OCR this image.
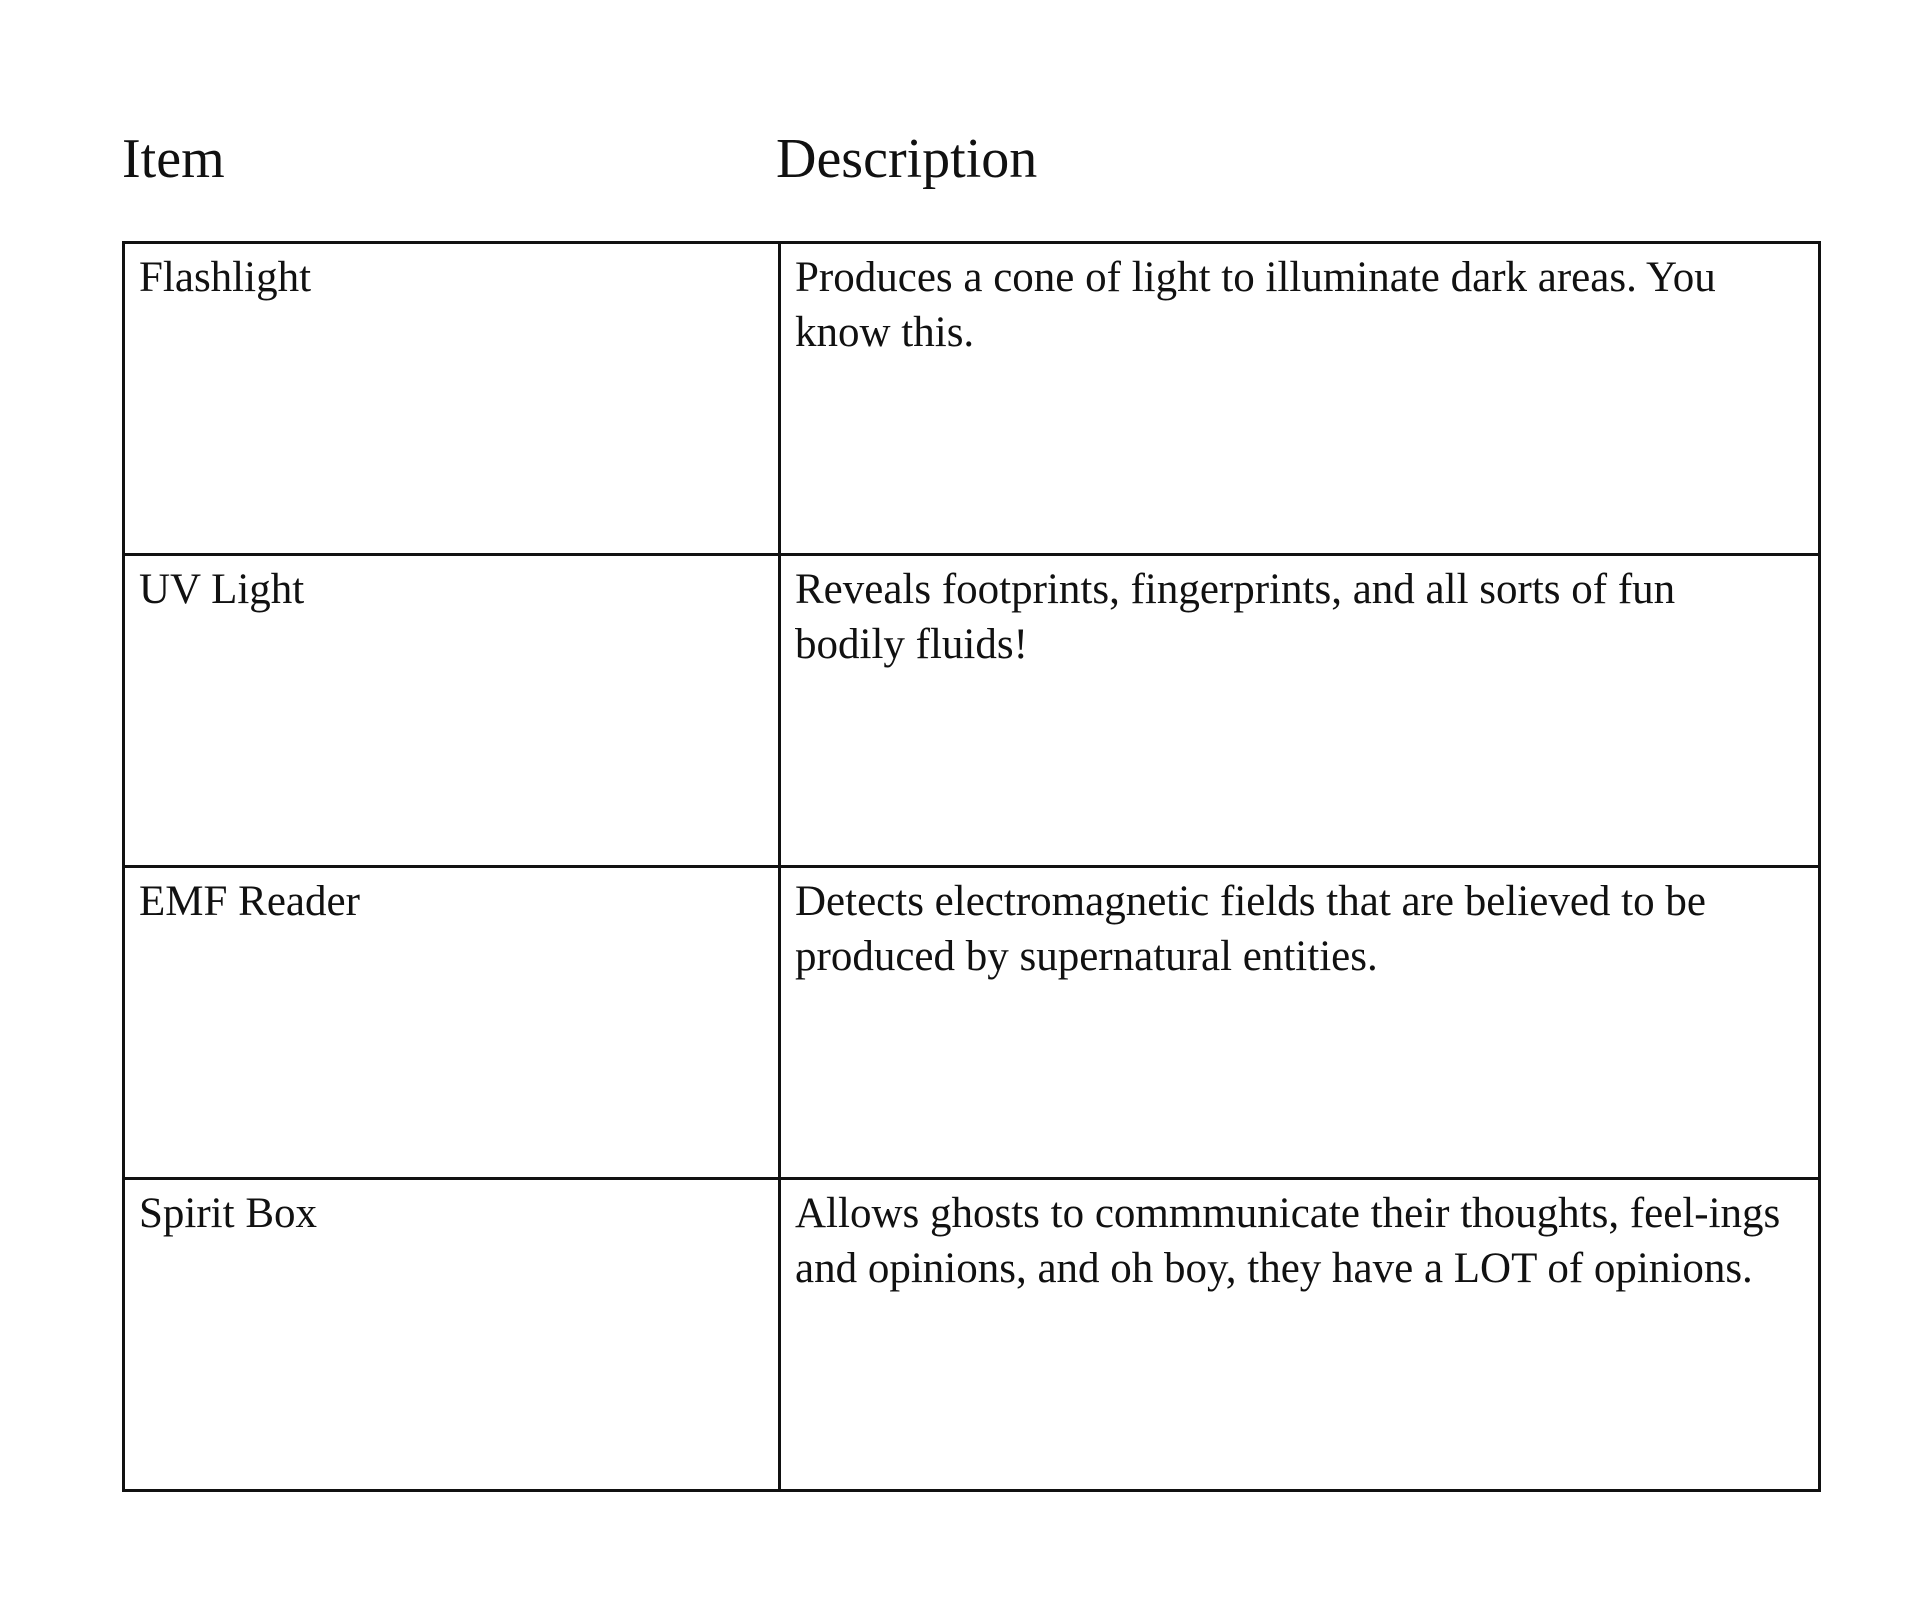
Item	Description
Flashlight	Produces a cone of light to illuminate dark areas. You know this.
UV Light	Reveals footprints, fingerprints, and all sorts of fun bodily fluids!
EMF Reader	Detects electromagnetic fields that are believed to be produced by supernatural entities.
Spirit Box	Allows ghosts to commmunicate their thoughts, feel-ings and opinions, and oh boy, they have a LOT of opinions.
